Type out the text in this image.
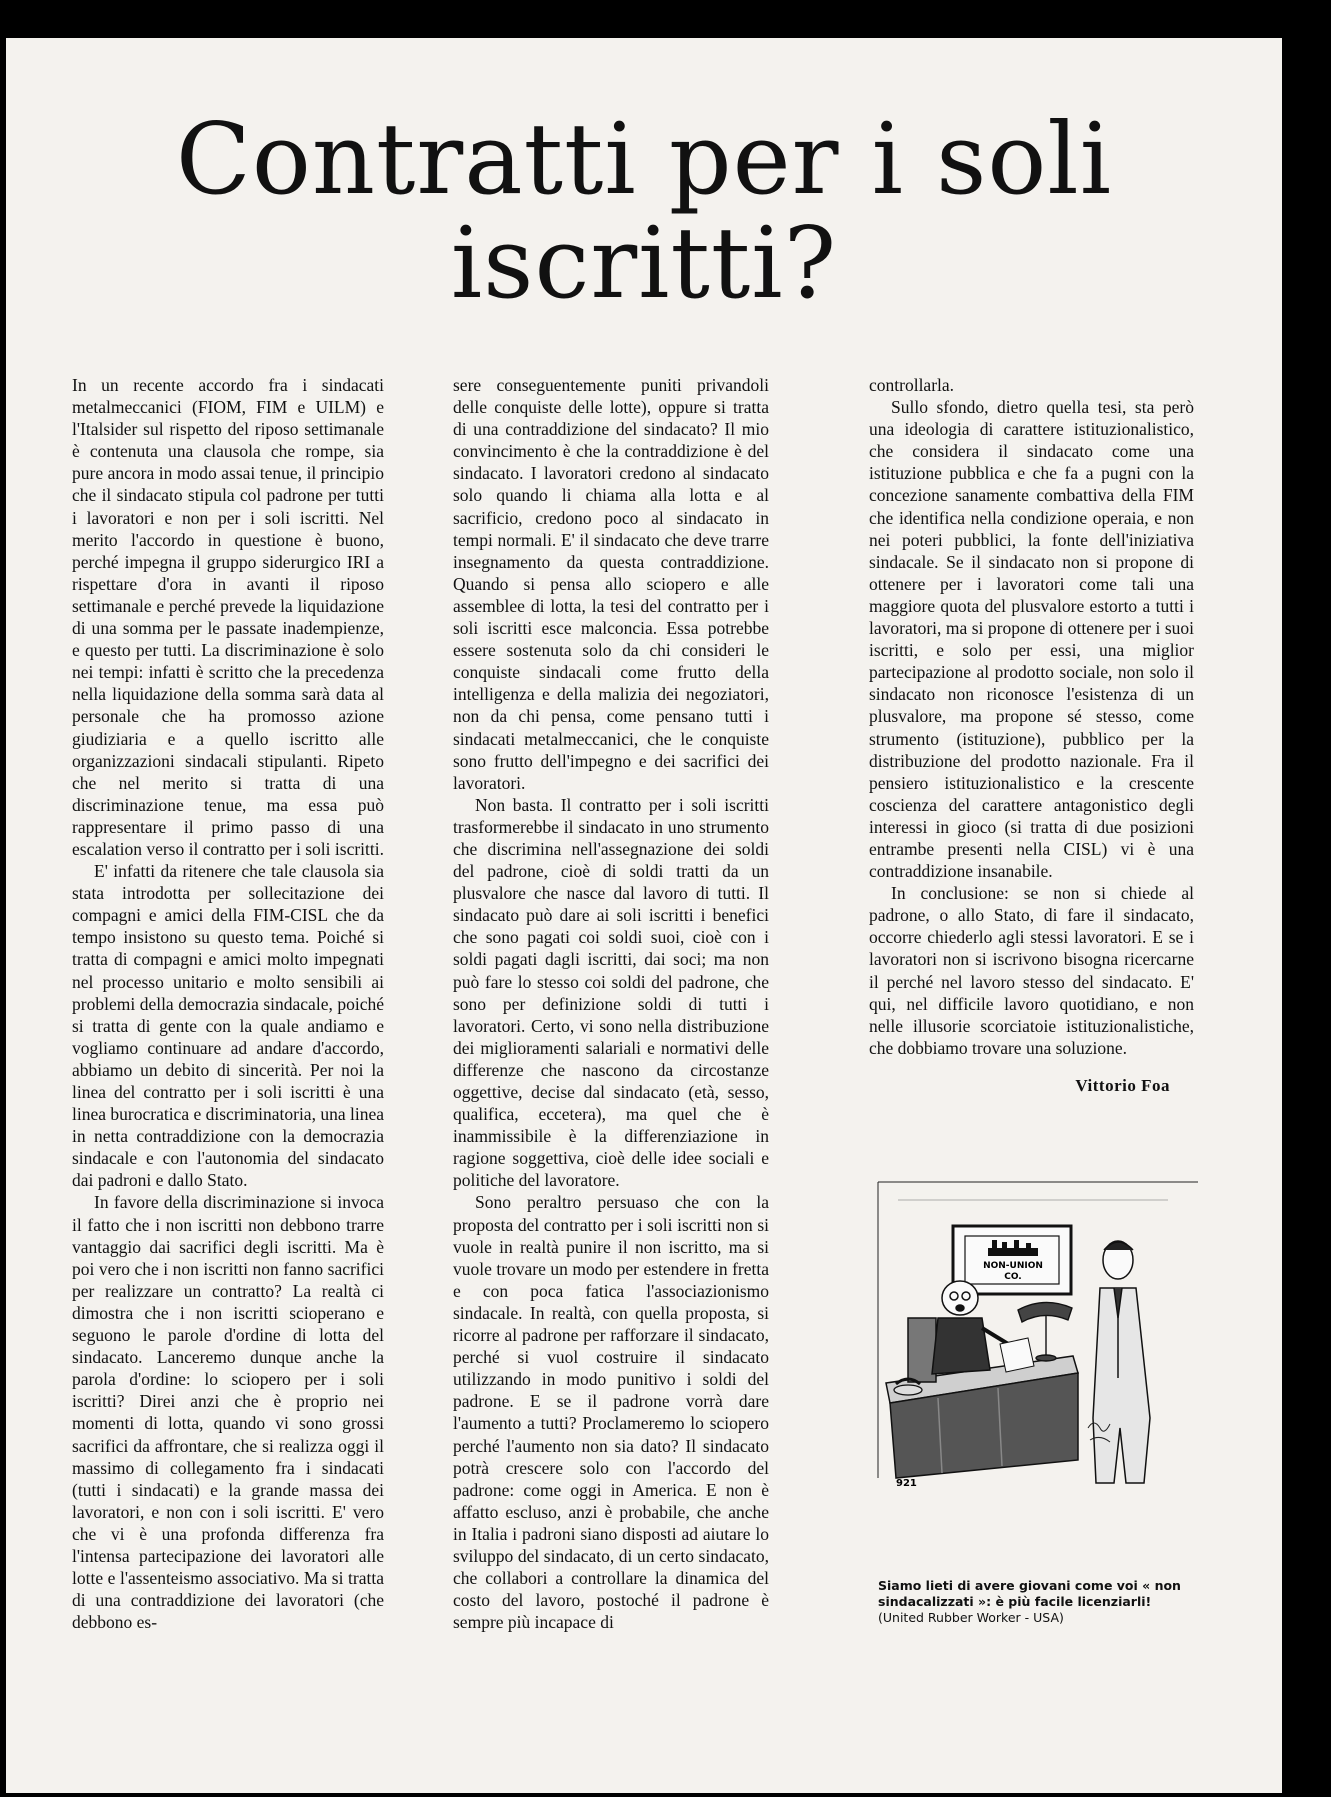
Contratti per i soli
iscritti?

In un recente accordo fra i sindacati metalmeccanici (FIOM, FIM e UILM) e l'Italsider sul rispetto del riposo settimanale è contenuta una clausola che rompe, sia pure ancora in modo assai tenue, il principio che il sindacato stipula col padrone per tutti i lavoratori e non per i soli iscritti. Nel merito l'accordo in questione è buono, perché impegna il gruppo siderurgico IRI a rispettare d'ora in avanti il riposo settimanale e perché prevede la liquidazione di una somma per le passate inadempienze, e questo per tutti. La discriminazione è solo nei tempi: infatti è scritto che la precedenza nella liquidazione della somma sarà data al personale che ha promosso azione giudiziaria e a quello iscritto alle organizzazioni sindacali stipulanti. Ripeto che nel merito si tratta di una discriminazione tenue, ma essa può rappresentare il primo passo di una escalation verso il contratto per i soli iscritti.

E' infatti da ritenere che tale clausola sia stata introdotta per sollecitazione dei compagni e amici della FIM-CISL che da tempo insistono su questo tema. Poiché si tratta di compagni e amici molto impegnati nel processo unitario e molto sensibili ai problemi della democrazia sindacale, poiché si tratta di gente con la quale andiamo e vogliamo continuare ad andare d'accordo, abbiamo un debito di sincerità. Per noi la linea del contratto per i soli iscritti è una linea burocratica e discriminatoria, una linea in netta contraddizione con la democrazia sindacale e con l'autonomia del sindacato dai padroni e dallo Stato.

In favore della discriminazione si invoca il fatto che i non iscritti non debbono trarre vantaggio dai sacrifici degli iscritti. Ma è poi vero che i non iscritti non fanno sacrifici per realizzare un contratto? La realtà ci dimostra che i non iscritti scioperano e seguono le parole d'ordine di lotta del sindacato. Lanceremo dunque anche la parola d'ordine: lo sciopero per i soli iscritti? Direi anzi che è proprio nei momenti di lotta, quando vi sono grossi sacrifici da affrontare, che si realizza oggi il massimo di collegamento fra i sindacati (tutti i sindacati) e la grande massa dei lavoratori, e non con i soli iscritti. E' vero che vi è una profonda differenza fra l'intensa partecipazione dei lavoratori alle lotte e l'assenteismo associativo. Ma si tratta di una contraddizione dei lavoratori (che debbono es-

sere conseguentemente puniti privandoli delle conquiste delle lotte), oppure si tratta di una contraddizione del sindacato? Il mio convincimento è che la contraddizione è del sindacato. I lavoratori credono al sindacato solo quando li chiama alla lotta e al sacrificio, credono poco al sindacato in tempi normali. E' il sindacato che deve trarre insegnamento da questa contraddizione. Quando si pensa allo sciopero e alle assemblee di lotta, la tesi del contratto per i soli iscritti esce malconcia. Essa potrebbe essere sostenuta solo da chi consideri le conquiste sindacali come frutto della intelligenza e della malizia dei negoziatori, non da chi pensa, come pensano tutti i sindacati metalmeccanici, che le conquiste sono frutto dell'impegno e dei sacrifici dei lavoratori.

Non basta. Il contratto per i soli iscritti trasformerebbe il sindacato in uno strumento che discrimina nell'assegnazione dei soldi del padrone, cioè di soldi tratti da un plusvalore che nasce dal lavoro di tutti. Il sindacato può dare ai soli iscritti i benefici che sono pagati coi soldi suoi, cioè con i soldi pagati dagli iscritti, dai soci; ma non può fare lo stesso coi soldi del padrone, che sono per definizione soldi di tutti i lavoratori. Certo, vi sono nella distribuzione dei miglioramenti salariali e normativi delle differenze che nascono da circostanze oggettive, decise dal sindacato (età, sesso, qualifica, eccetera), ma quel che è inammissibile è la differenziazione in ragione soggettiva, cioè delle idee sociali e politiche del lavoratore.

Sono peraltro persuaso che con la proposta del contratto per i soli iscritti non si vuole in realtà punire il non iscritto, ma si vuole trovare un modo per estendere in fretta e con poca fatica l'associazionismo sindacale. In realtà, con quella proposta, si ricorre al padrone per rafforzare il sindacato, perché si vuol costruire il sindacato utilizzando in modo punitivo i soldi del padrone. E se il padrone vorrà dare l'aumento a tutti? Proclameremo lo sciopero perché l'aumento non sia dato? Il sindacato potrà crescere solo con l'accordo del padrone: come oggi in America. E non è affatto escluso, anzi è probabile, che anche in Italia i padroni siano disposti ad aiutare lo sviluppo del sindacato, di un certo sindacato, che collabori a controllare la dinamica del costo del lavoro, postoché il padrone è sempre più incapace di

controllarla.

Sullo sfondo, dietro quella tesi, sta però una ideologia di carattere istituzionalistico, che considera il sindacato come una istituzione pubblica e che fa a pugni con la concezione sanamente combattiva della FIM che identifica nella condizione operaia, e non nei poteri pubblici, la fonte dell'iniziativa sindacale. Se il sindacato non si propone di ottenere per i lavoratori come tali una maggiore quota del plusvalore estorto a tutti i lavoratori, ma si propone di ottenere per i suoi iscritti, e solo per essi, una miglior partecipazione al prodotto sociale, non solo il sindacato non riconosce l'esistenza di un plusvalore, ma propone sé stesso, come strumento (istituzione), pubblico per la distribuzione del prodotto nazionale. Fra il pensiero istituzionalistico e la crescente coscienza del carattere antagonistico degli interessi in gioco (si tratta di due posizioni entrambe presenti nella CISL) vi è una contraddizione insanabile.

In conclusione: se non si chiede al padrone, o allo Stato, di fare il sindacato, occorre chiederlo agli stessi lavoratori. E se i lavoratori non si iscrivono bisogna ricercarne il perché nel lavoro stesso del sindacato. E' qui, nel difficile lavoro quotidiano, e non nelle illusorie scorciatoie istituzionalistiche, che dobbiamo trovare una soluzione.

Vittorio Foa
NON-UNION
CO.
921
Siamo lieti di avere giovani come voi « non sindacalizzati »: è più facile licenziarli!
(United Rubber Worker - USA)
